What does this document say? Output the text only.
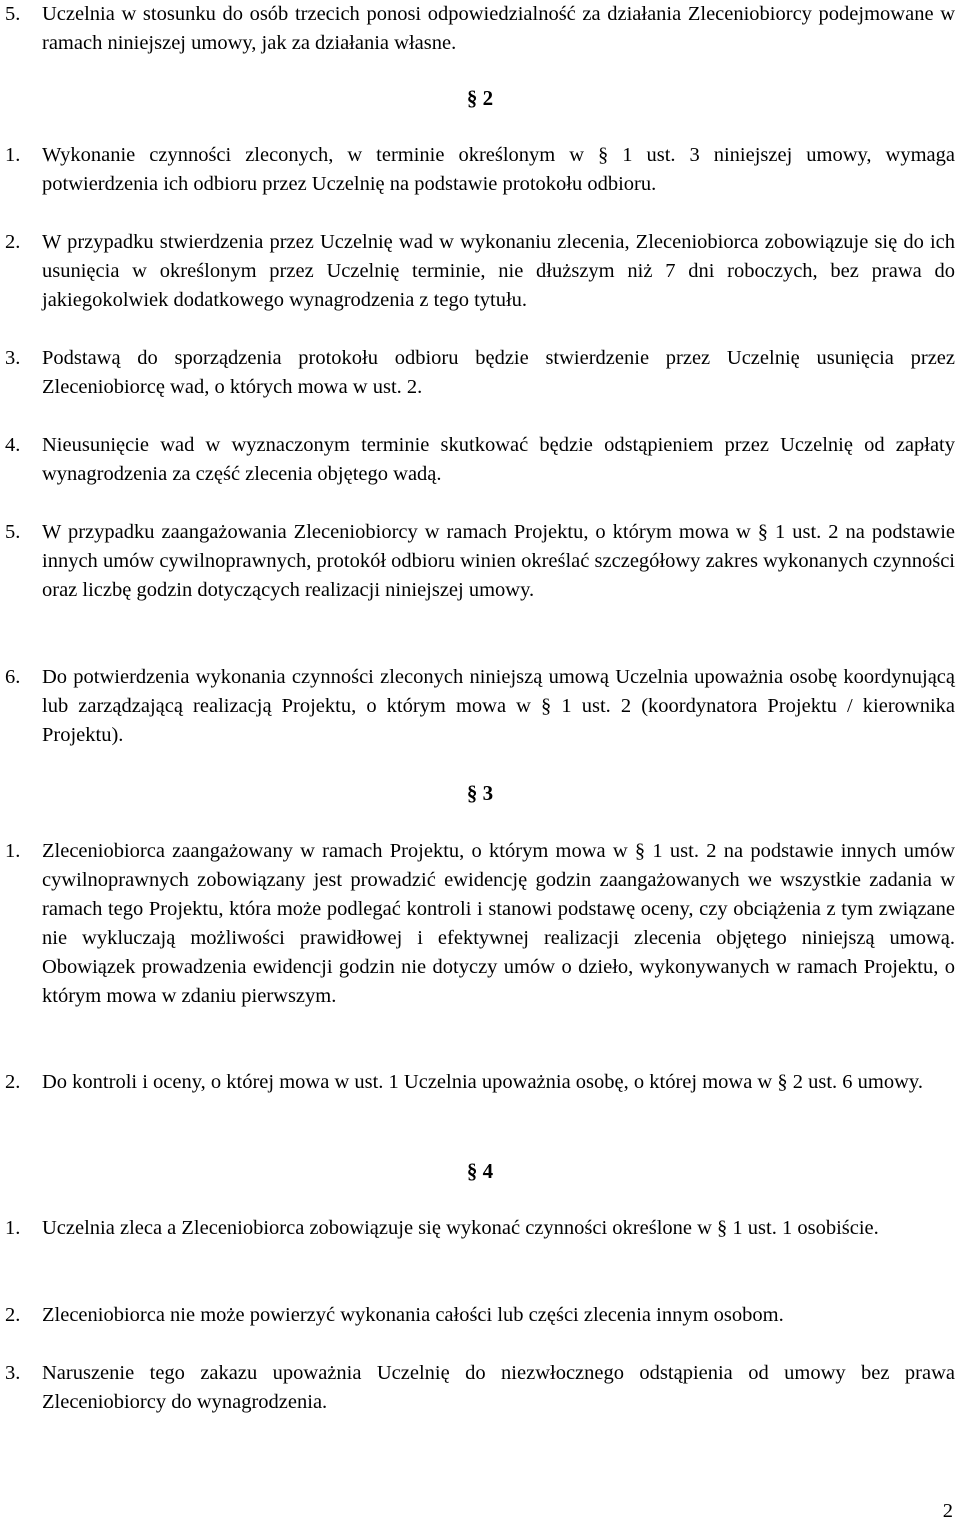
5.	Uczelnia w stosunku do osób trzecich ponosi odpowiedzialność za działania Zleceniobiorcy podejmowane w ramach niniejszej umowy, jak za działania własne.
§ 2
1.	Wykonanie czynności zleconych, w terminie określonym w § 1 ust. 3 niniejszej umowy, wymaga potwierdzenia ich odbioru przez Uczelnię na podstawie protokołu odbioru.
2.	W przypadku stwierdzenia przez Uczelnię wad w wykonaniu zlecenia, Zleceniobiorca zobowiązuje się do ich usunięcia w określonym przez Uczelnię terminie, nie dłuższym niż 7 dni roboczych, bez prawa do jakiegokolwiek dodatkowego wynagrodzenia z tego tytułu.
3.	Podstawą do sporządzenia protokołu odbioru będzie stwierdzenie przez Uczelnię usunięcia przez Zleceniobiorcę wad, o których mowa w ust. 2.
4.	Nieusunięcie wad w wyznaczonym terminie skutkować będzie odstąpieniem przez Uczelnię od zapłaty wynagrodzenia za część zlecenia objętego wadą.
5.	W przypadku zaangażowania Zleceniobiorcy w ramach Projektu, o którym mowa w § 1 ust. 2 na podstawie innych umów cywilnoprawnych, protokół odbioru winien określać szczegółowy zakres wykonanych czynności oraz liczbę godzin dotyczących realizacji niniejszej umowy.
6.	Do potwierdzenia wykonania czynności zleconych niniejszą umową Uczelnia upoważnia osobę koordynującą lub zarządzającą realizacją Projektu, o którym mowa w § 1 ust. 2 (koordynatora Projektu / kierownika Projektu).
§ 3
1.	Zleceniobiorca zaangażowany w ramach Projektu, o którym mowa w § 1 ust. 2 na podstawie innych umów cywilnoprawnych zobowiązany jest prowadzić ewidencję godzin zaangażowanych we wszystkie zadania w ramach tego Projektu, która może podlegać kontroli i stanowi podstawę oceny, czy obciążenia z tym związane nie wykluczają możliwości prawidłowej i efektywnej realizacji zlecenia objętego niniejszą umową. Obowiązek prowadzenia ewidencji godzin nie dotyczy umów o dzieło, wykonywanych w ramach Projektu, o którym mowa w zdaniu pierwszym.
2.	Do kontroli i oceny, o której mowa w ust. 1 Uczelnia upoważnia osobę, o której mowa w § 2 ust. 6 umowy.
§ 4
1.	Uczelnia zleca a Zleceniobiorca zobowiązuje się wykonać czynności określone w § 1 ust. 1 osobiście.
2.	Zleceniobiorca nie może powierzyć wykonania całości lub części zlecenia innym osobom.
3.	Naruszenie tego zakazu upoważnia Uczelnię do niezwłocznego odstąpienia od umowy bez prawa Zleceniobiorcy do wynagrodzenia.
2
